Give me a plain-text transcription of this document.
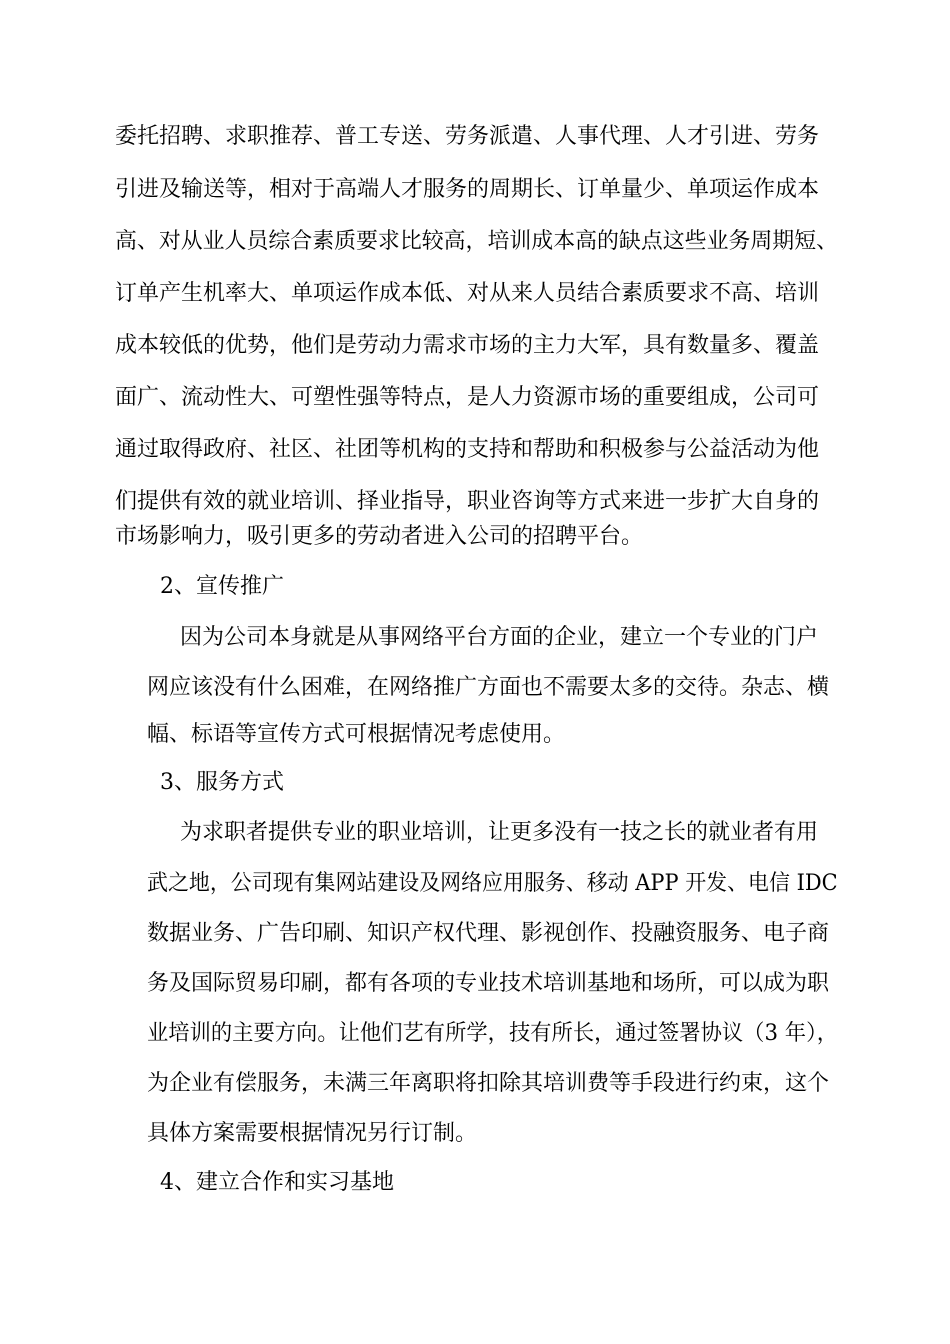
委托招聘、求职推荐、普工专送、劳务派遣、人事代理、人才引进、劳务

引进及输送等，相对于高端人才服务的周期长、订单量少、单项运作成本

高、对从业人员综合素质要求比较高，培训成本高的缺点这些业务周期短、

订单产生机率大、单项运作成本低、对从来人员结合素质要求不高、培训

成本较低的优势，他们是劳动力需求市场的主力大军，具有数量多、覆盖

面广、流动性大、可塑性强等特点，是人力资源市场的重要组成，公司可

通过取得政府、社区、社团等机构的支持和帮助和积极参与公益活动为他

们提供有效的就业培训、择业指导，职业咨询等方式来进一步扩大自身的

市场影响力，吸引更多的劳动者进入公司的招聘平台。

2、宣传推广

因为公司本身就是从事网络平台方面的企业，建立一个专业的门户

网应该没有什么困难，在网络推广方面也不需要太多的交待。杂志、横

幅、标语等宣传方式可根据情况考虑使用。

3、服务方式

为求职者提供专业的职业培训，让更多没有一技之长的就业者有用

武之地，公司现有集网站建设及网络应用服务、移动 APP 开发、电信 IDC

数据业务、广告印刷、知识产权代理、影视创作、投融资服务、电子商

务及国际贸易印刷，都有各项的专业技术培训基地和场所，可以成为职

业培训的主要方向。让他们艺有所学，技有所长，通过签署协议（3 年），

为企业有偿服务，未满三年离职将扣除其培训费等手段进行约束，这个

具体方案需要根据情况另行订制。

4、建立合作和实习基地
